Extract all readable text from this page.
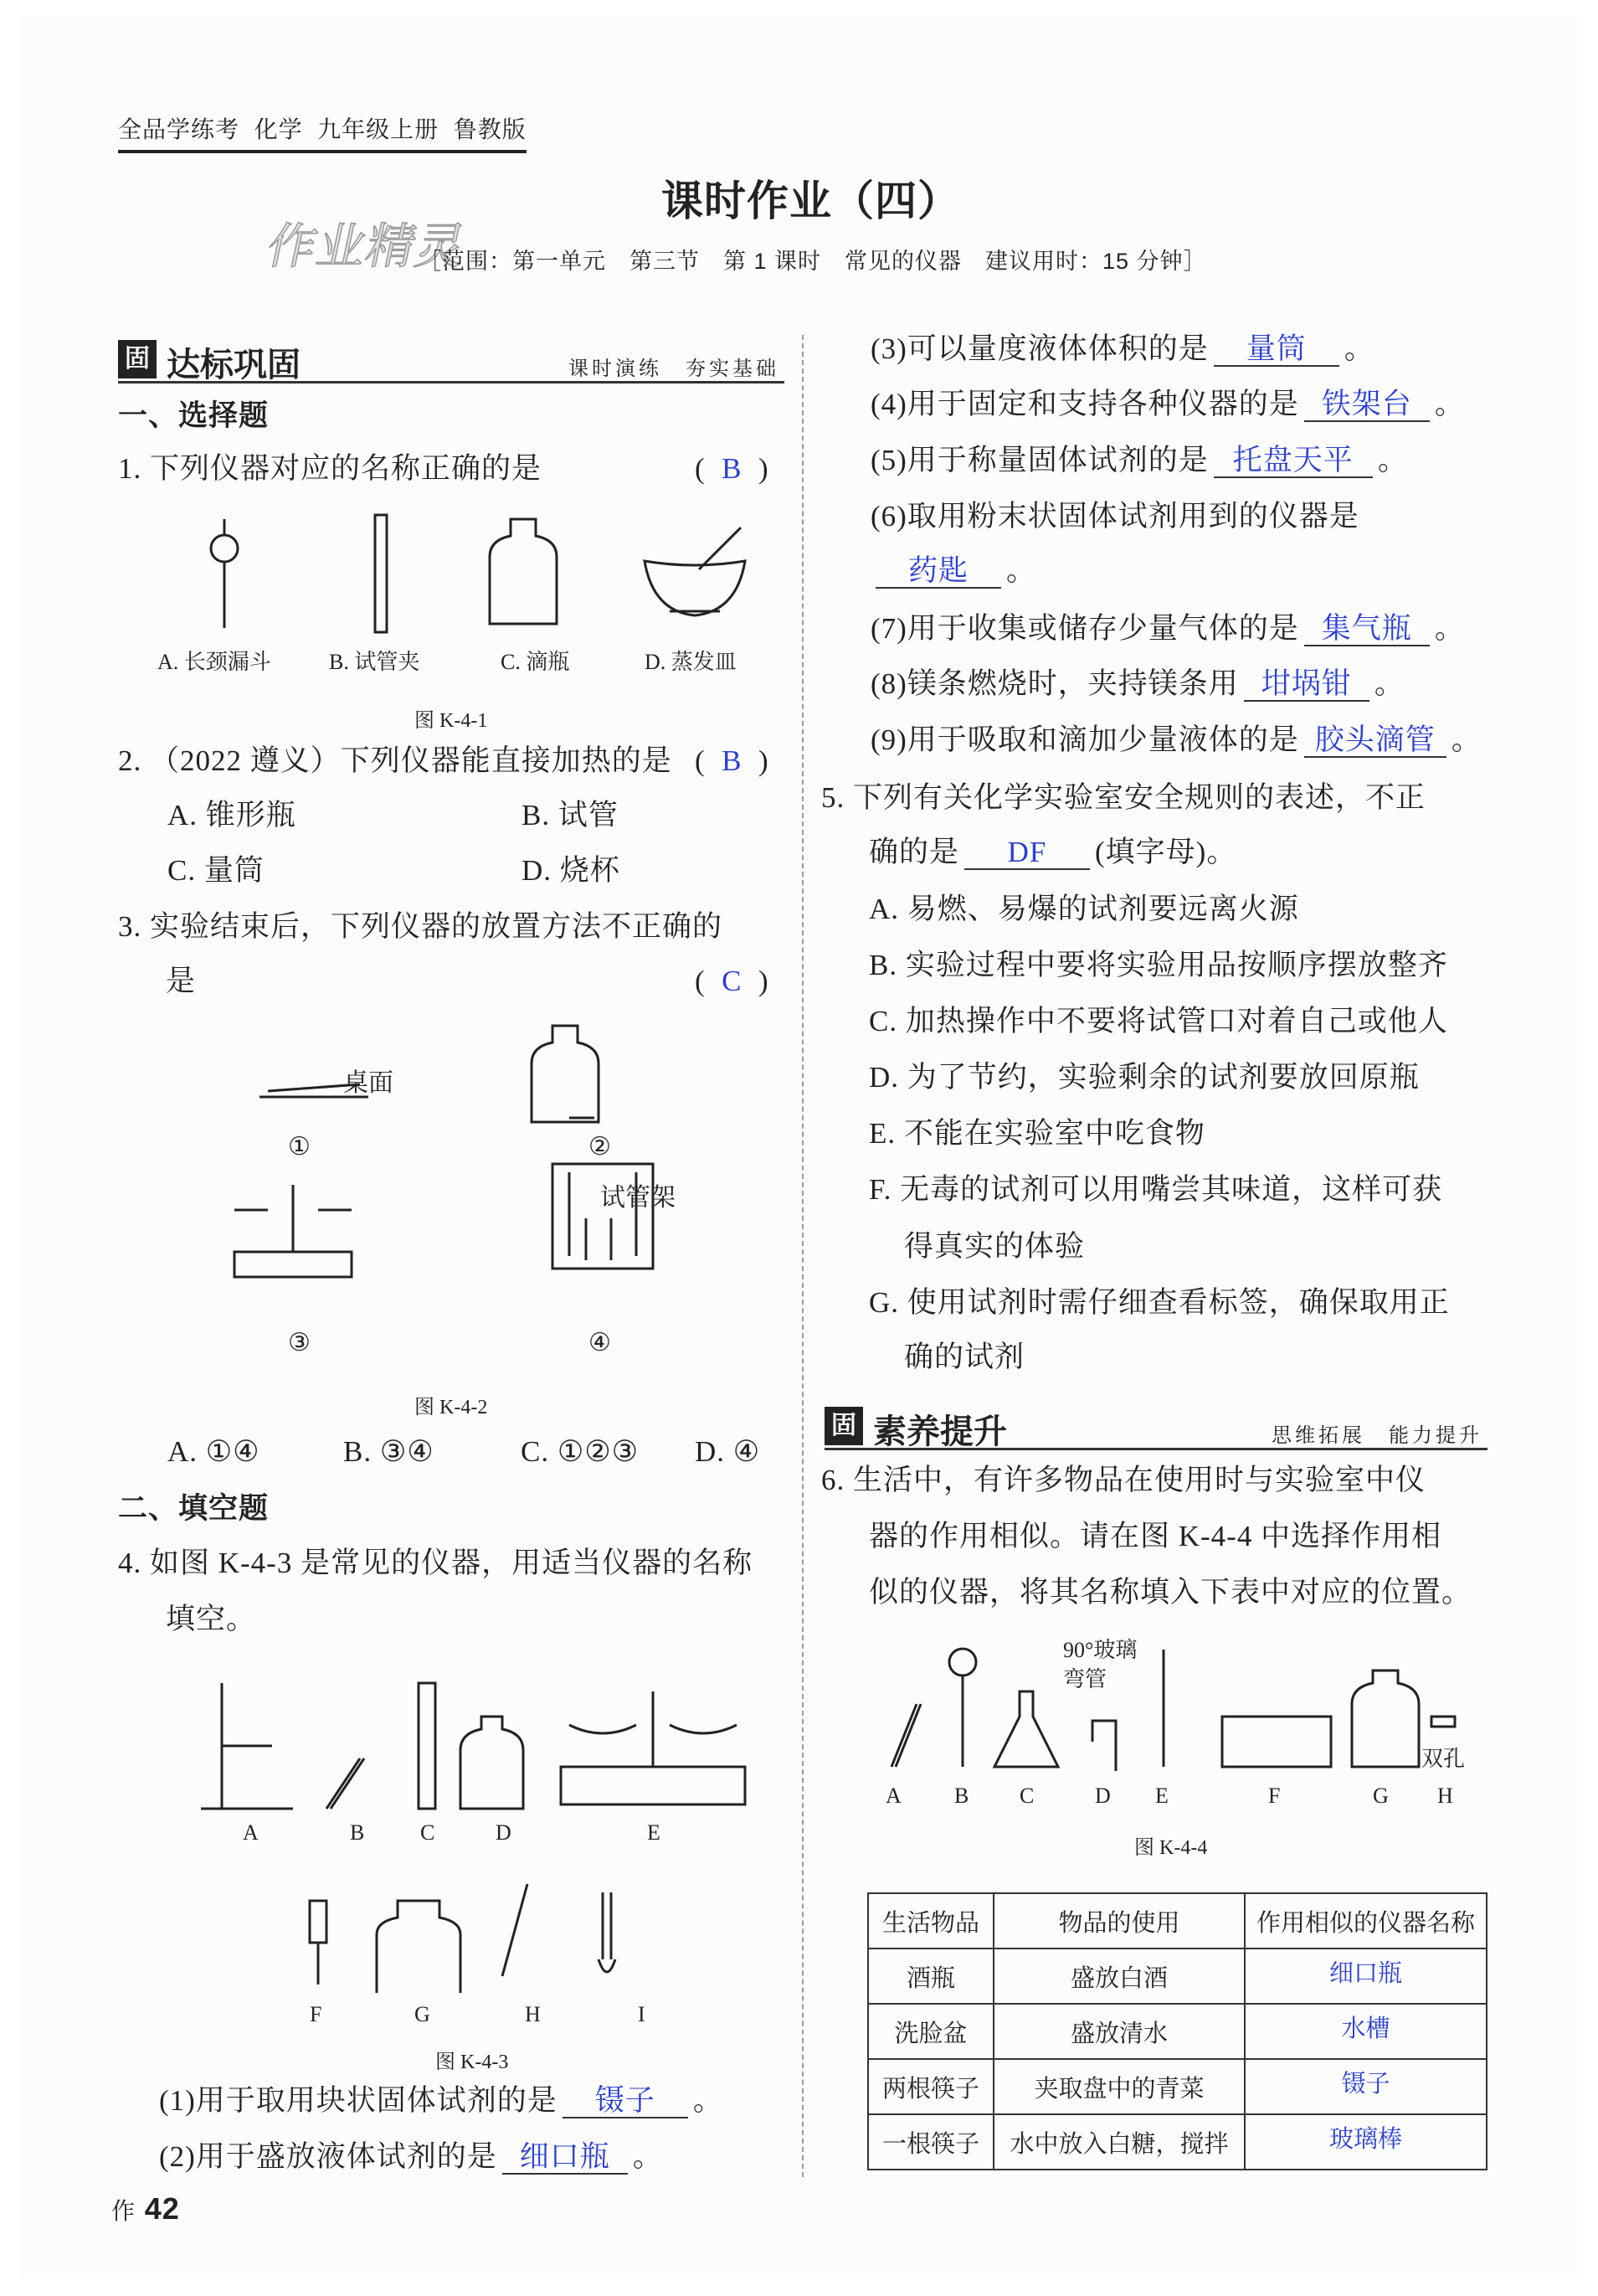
全品学练考 化学 九年级上册 鲁教版
课时作业（四）
作业精灵
［范围：第一单元　第三节　第 1 课时　常见的仪器　建议用时：15 分钟］
固 达标巩固	课时演练　夯实基础
一、选择题
1. 下列仪器对应的名称正确的是	(  B  )
A. 长颈漏斗	B. 试管夹	C. 滴瓶	D. 蒸发皿
图 K-4-1
2. （2022 遵义）下列仪器能直接加热的是 (  B  )
A. 锥形瓶	B. 试管
C. 量筒	D. 烧杯
3. 实验结束后，下列仪器的放置方法不正确的
是	(  C  )
桌面
试管架
①	②
③	④
图 K-4-2
A. ①④	B. ③④	C. ①②③ D. ④
二、填空题
4. 如图 K-4-3 是常见的仪器，用适当仪器的名称
填空。
A	B	C	D	E
F	G	H	I
图 K-4-3
(1)用于取用块状固体试剂的是 镊子 。
(2)用于盛放液体试剂的是 细口瓶 。
作 42
(3)可以量度液体体积的是 量筒 。
(4)用于固定和支持各种仪器的是 铁架台 。
(5)用于称量固体试剂的是 托盘天平 。
(6)取用粉末状固体试剂用到的仪器是
药匙 。
(7)用于收集或储存少量气体的是 集气瓶 。
(8)镁条燃烧时，夹持镁条用 坩埚钳 。
(9)用于吸取和滴加少量液体的是 胶头滴管 。
5. 下列有关化学实验室安全规则的表述，不正
确的是 DF (填字母)。
A. 易燃、易爆的试剂要远离火源
B. 实验过程中要将实验用品按顺序摆放整齐
C. 加热操作中不要将试管口对着自己或他人
D. 为了节约，实验剩余的试剂要放回原瓶
E. 不能在实验室中吃食物
F. 无毒的试剂可以用嘴尝其味道，这样可获
得真实的体验
G. 使用试剂时需仔细查看标签，确保取用正
确的试剂
固 素养提升	思维拓展　能力提升
6. 生活中，有许多物品在使用时与实验室中仪
器的作用相似。请在图 K-4-4 中选择作用相
似的仪器，将其名称填入下表中对应的位置。
90°玻璃
弯管
双孔
A B C	D E	F	G H
图 K-4-4
生活物品	物品的使用	作用相似的仪器名称
酒瓶	盛放白酒	细口瓶
洗脸盆	盛放清水	水槽
两根筷子	夹取盘中的青菜	镊子
一根筷子	水中放入白糖，搅拌	玻璃棒
